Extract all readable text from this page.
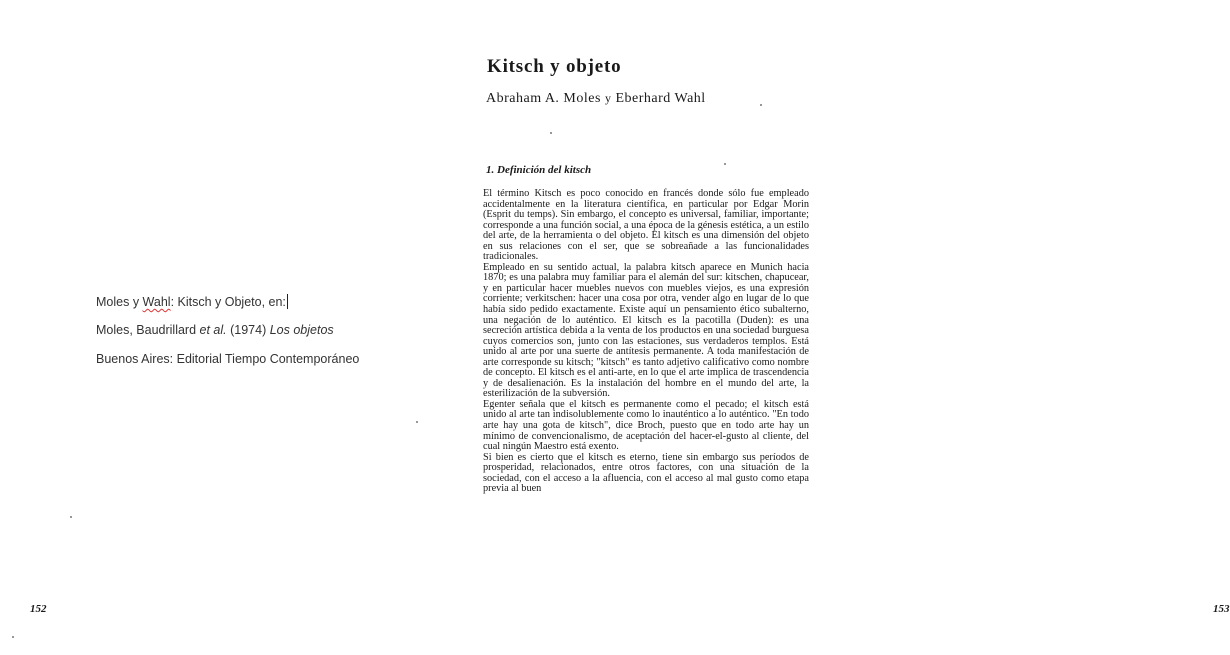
Moles y Wahl: Kitsch y Objeto, en:
Moles, Baudrillard et al. (1974) Los objetos
Buenos Aires: Editorial Tiempo Contemporáneo
152	153
Kitsch y objeto
Abraham A. Moles y Eberhard Wahl
1. Definición del kitsch

El término Kitsch es poco conocido en francés donde sólo fue empleado accidentalmente en la literatura científica, en particular por Edgar Morin (Esprit du temps). Sin embargo, el concepto es universal, familiar, importante; corresponde a una función social, a una época de la génesis estética, a un estilo del arte, de la herramienta o del objeto. El kitsch es una dimensión del objeto en sus relaciones con el ser, que se sobreañade a las funcionalidades tradicionales.

Empleado en su sentido actual, la palabra kitsch aparece en Munich hacia 1870; es una palabra muy familiar para el alemán del sur: kitschen, chapucear, y en particular hacer muebles nuevos con muebles viejos, es una expresión corriente; verkitschen: hacer una cosa por otra, vender algo en lugar de lo que había sido pedido exactamente. Existe aquí un pensamiento ético subalterno, una negación de lo auténtico. El kitsch es la pacotilla (Duden): es una secreción artística debida a la venta de los productos en una sociedad burguesa cuyos comercios son, junto con las estaciones, sus verdaderos templos. Está unido al arte por una suerte de antítesis permanente. A toda manifestación de arte corresponde su kitsch; "kitsch" es tanto adjetivo calificativo como nombre de concepto. El kitsch es el anti-arte, en lo que el arte implica de trascendencia y de desalienación. Es la instalación del hombre en el mundo del arte, la esterilización de la subversión.

Egenter señala que el kitsch es permanente como el pecado; el kitsch está unido al arte tan indisolublemente como lo inauténtico a lo auténtico. "En todo arte hay una gota de kitsch", dice Broch, puesto que en todo arte hay un mínimo de convencionalismo, de aceptación del hacer-el-gusto al cliente, del cual ningún Maestro está exento.

Si bien es cierto que el kitsch es eterno, tiene sin embargo sus períodos de prosperidad, relacionados, entre otros factores, con una situación de la sociedad, con el acceso a la afluencia, con el acceso al mal gusto como etapa previa al buen
